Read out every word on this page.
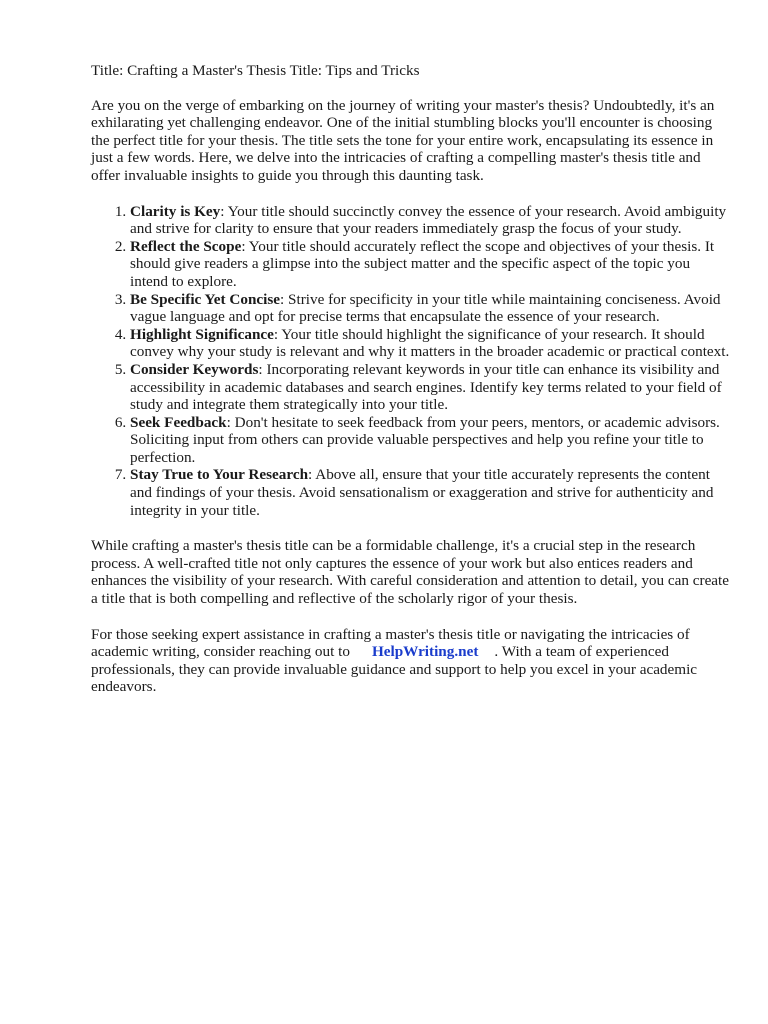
Title: Crafting a Master's Thesis Title: Tips and Tricks

Are you on the verge of embarking on the journey of writing your master's thesis? Undoubtedly, it's an exhilarating yet challenging endeavor. One of the initial stumbling blocks you'll encounter is choosing the perfect title for your thesis. The title sets the tone for your entire work, encapsulating its essence in just a few words. Here, we delve into the intricacies of crafting a compelling master's thesis title and offer invaluable insights to guide you through this daunting task.

1. Clarity is Key: Your title should succinctly convey the essence of your research. Avoid ambiguity and strive for clarity to ensure that your readers immediately grasp the focus of your study.
2. Reflect the Scope: Your title should accurately reflect the scope and objectives of your thesis. It should give readers a glimpse into the subject matter and the specific aspect of the topic you intend to explore.
3. Be Specific Yet Concise: Strive for specificity in your title while maintaining conciseness. Avoid vague language and opt for precise terms that encapsulate the essence of your research.
4. Highlight Significance: Your title should highlight the significance of your research. It should convey why your study is relevant and why it matters in the broader academic or practical context.
5. Consider Keywords: Incorporating relevant keywords in your title can enhance its visibility and accessibility in academic databases and search engines. Identify key terms related to your field of study and integrate them strategically into your title.
6. Seek Feedback: Don't hesitate to seek feedback from your peers, mentors, or academic advisors. Soliciting input from others can provide valuable perspectives and help you refine your title to perfection.
7. Stay True to Your Research: Above all, ensure that your title accurately represents the content and findings of your thesis. Avoid sensationalism or exaggeration and strive for authenticity and integrity in your title.

While crafting a master's thesis title can be a formidable challenge, it's a crucial step in the research process. A well-crafted title not only captures the essence of your work but also entices readers and enhances the visibility of your research. With careful consideration and attention to detail, you can create a title that is both compelling and reflective of the scholarly rigor of your thesis.

For those seeking expert assistance in crafting a master's thesis title or navigating the intricacies of academic writing, consider reaching out to HelpWriting.net . With a team of experienced professionals, they can provide invaluable guidance and support to help you excel in your academic endeavors.
